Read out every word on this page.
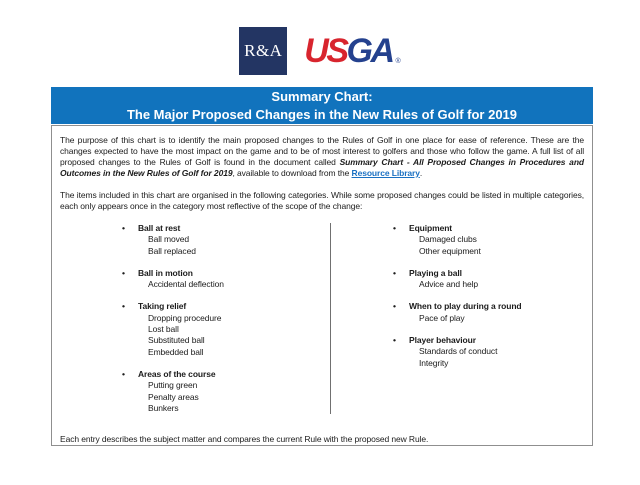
R&A US GA ®
Summary Chart:
The Major Proposed Changes in the New Rules of Golf for 2019

The purpose of this chart is to identify the main proposed changes to the Rules of Golf in one place for ease of reference. These are the changes expected to have the most impact on the game and to be of most interest to golfers and those who follow the game. A full list of all proposed changes to the Rules of Golf is found in the document called Summary Chart - All Proposed Changes in Procedures and Outcomes in the New Rules of Golf for 2019, available to download from the Resource Library.

The items included in this chart are organised in the following categories. While some proposed changes could be listed in multiple categories, each only appears once in the category most reflective of the scope of the change:

• Ball at rest
Ball moved
Ball replaced
• Ball in motion
Accidental deflection
• Taking relief
Dropping procedure
Lost ball
Substituted ball
Embedded ball
• Areas of the course
Putting green
Penalty areas
Bunkers
• Equipment
Damaged clubs
Other equipment
• Playing a ball
Advice and help
• When to play during a round
Pace of play
• Player behaviour
Standards of conduct
Integrity

Each entry describes the subject matter and compares the current Rule with the proposed new Rule.
